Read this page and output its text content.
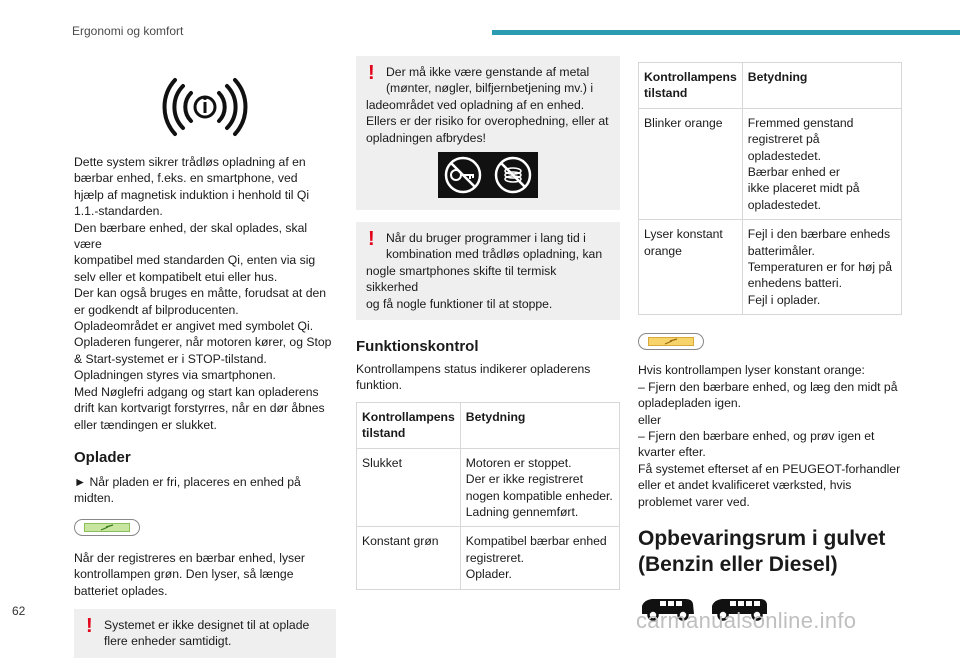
Ergonomi og komfort

Dette system sikrer trådløs opladning af en

bærbar enhed, f.eks. en smartphone, ved

hjælp af magnetisk induktion i henhold til Qi

1.1.-standarden.

Den bærbare enhed, der skal oplades, skal være

kompatibel med standarden Qi, enten via sig

selv eller et kompatibelt etui eller hus.

Der kan også bruges en måtte, forudsat at den

er godkendt af bilproducenten.

Opladeområdet er angivet med symbolet Qi.

Opladeren fungerer, når motoren kører, og Stop

& Start-systemet er i STOP-tilstand.

Opladningen styres via smartphonen.

Med Nøglefri adgang og start kan opladerens

drift kan kortvarigt forstyrres, når en dør åbnes

eller tændingen er slukket.

Oplader

► Når pladen er fri, placeres en enhed på

midten.

Når der registreres en bærbar enhed, lyser

kontrollampen grøn. Den lyser, så længe

batteriet oplades.

! Systemet er ikke designet til at oplade

flere enheder samtidigt.

! Der må ikke være genstande af metal

(mønter, nøgler, bilfjernbetjening mv.) i

ladeområdet ved opladning af en enhed.

Ellers er der risiko for overophedning, eller at

opladningen afbrydes!

! Når du bruger programmer i lang tid i

kombination med trådløs opladning, kan

nogle smartphones skifte til termisk sikkerhed

og få nogle funktioner til at stoppe.

Funktionskontrol

Kontrollampens status indikerer opladerens

funktion.

Kontrollampens tilstand	Betydning
Slukket	Motoren er stoppet.
Der er ikke registreret
nogen kompatible enheder.
Ladning gennemført.

Konstant grøn	Kompatibel bærbar enhed
registreret.
Oplader.
Kontrollampens tilstand	Betydning
Blinker orange	Fremmed genstand
registreret på opladestedet.
Bærbar enhed er
ikke placeret midt på
opladestedet.

Lyser konstant orange	Fejl i den bærbare enheds
batterimåler.
Temperaturen er for høj på
enhedens batteri.
Fejl i oplader.

Hvis kontrollampen lyser konstant orange:

– Fjern den bærbare enhed, og læg den midt på

opladepladen igen.

eller

– Fjern den bærbare enhed, og prøv igen et

kvarter efter.

Få systemet efterset af en PEUGEOT-forhandler

eller et andet kvalificeret værksted, hvis

problemet varer ved.

Opbevaringsrum i gulvet
(Benzin eller Diesel)
62	carmanualsonline.info
